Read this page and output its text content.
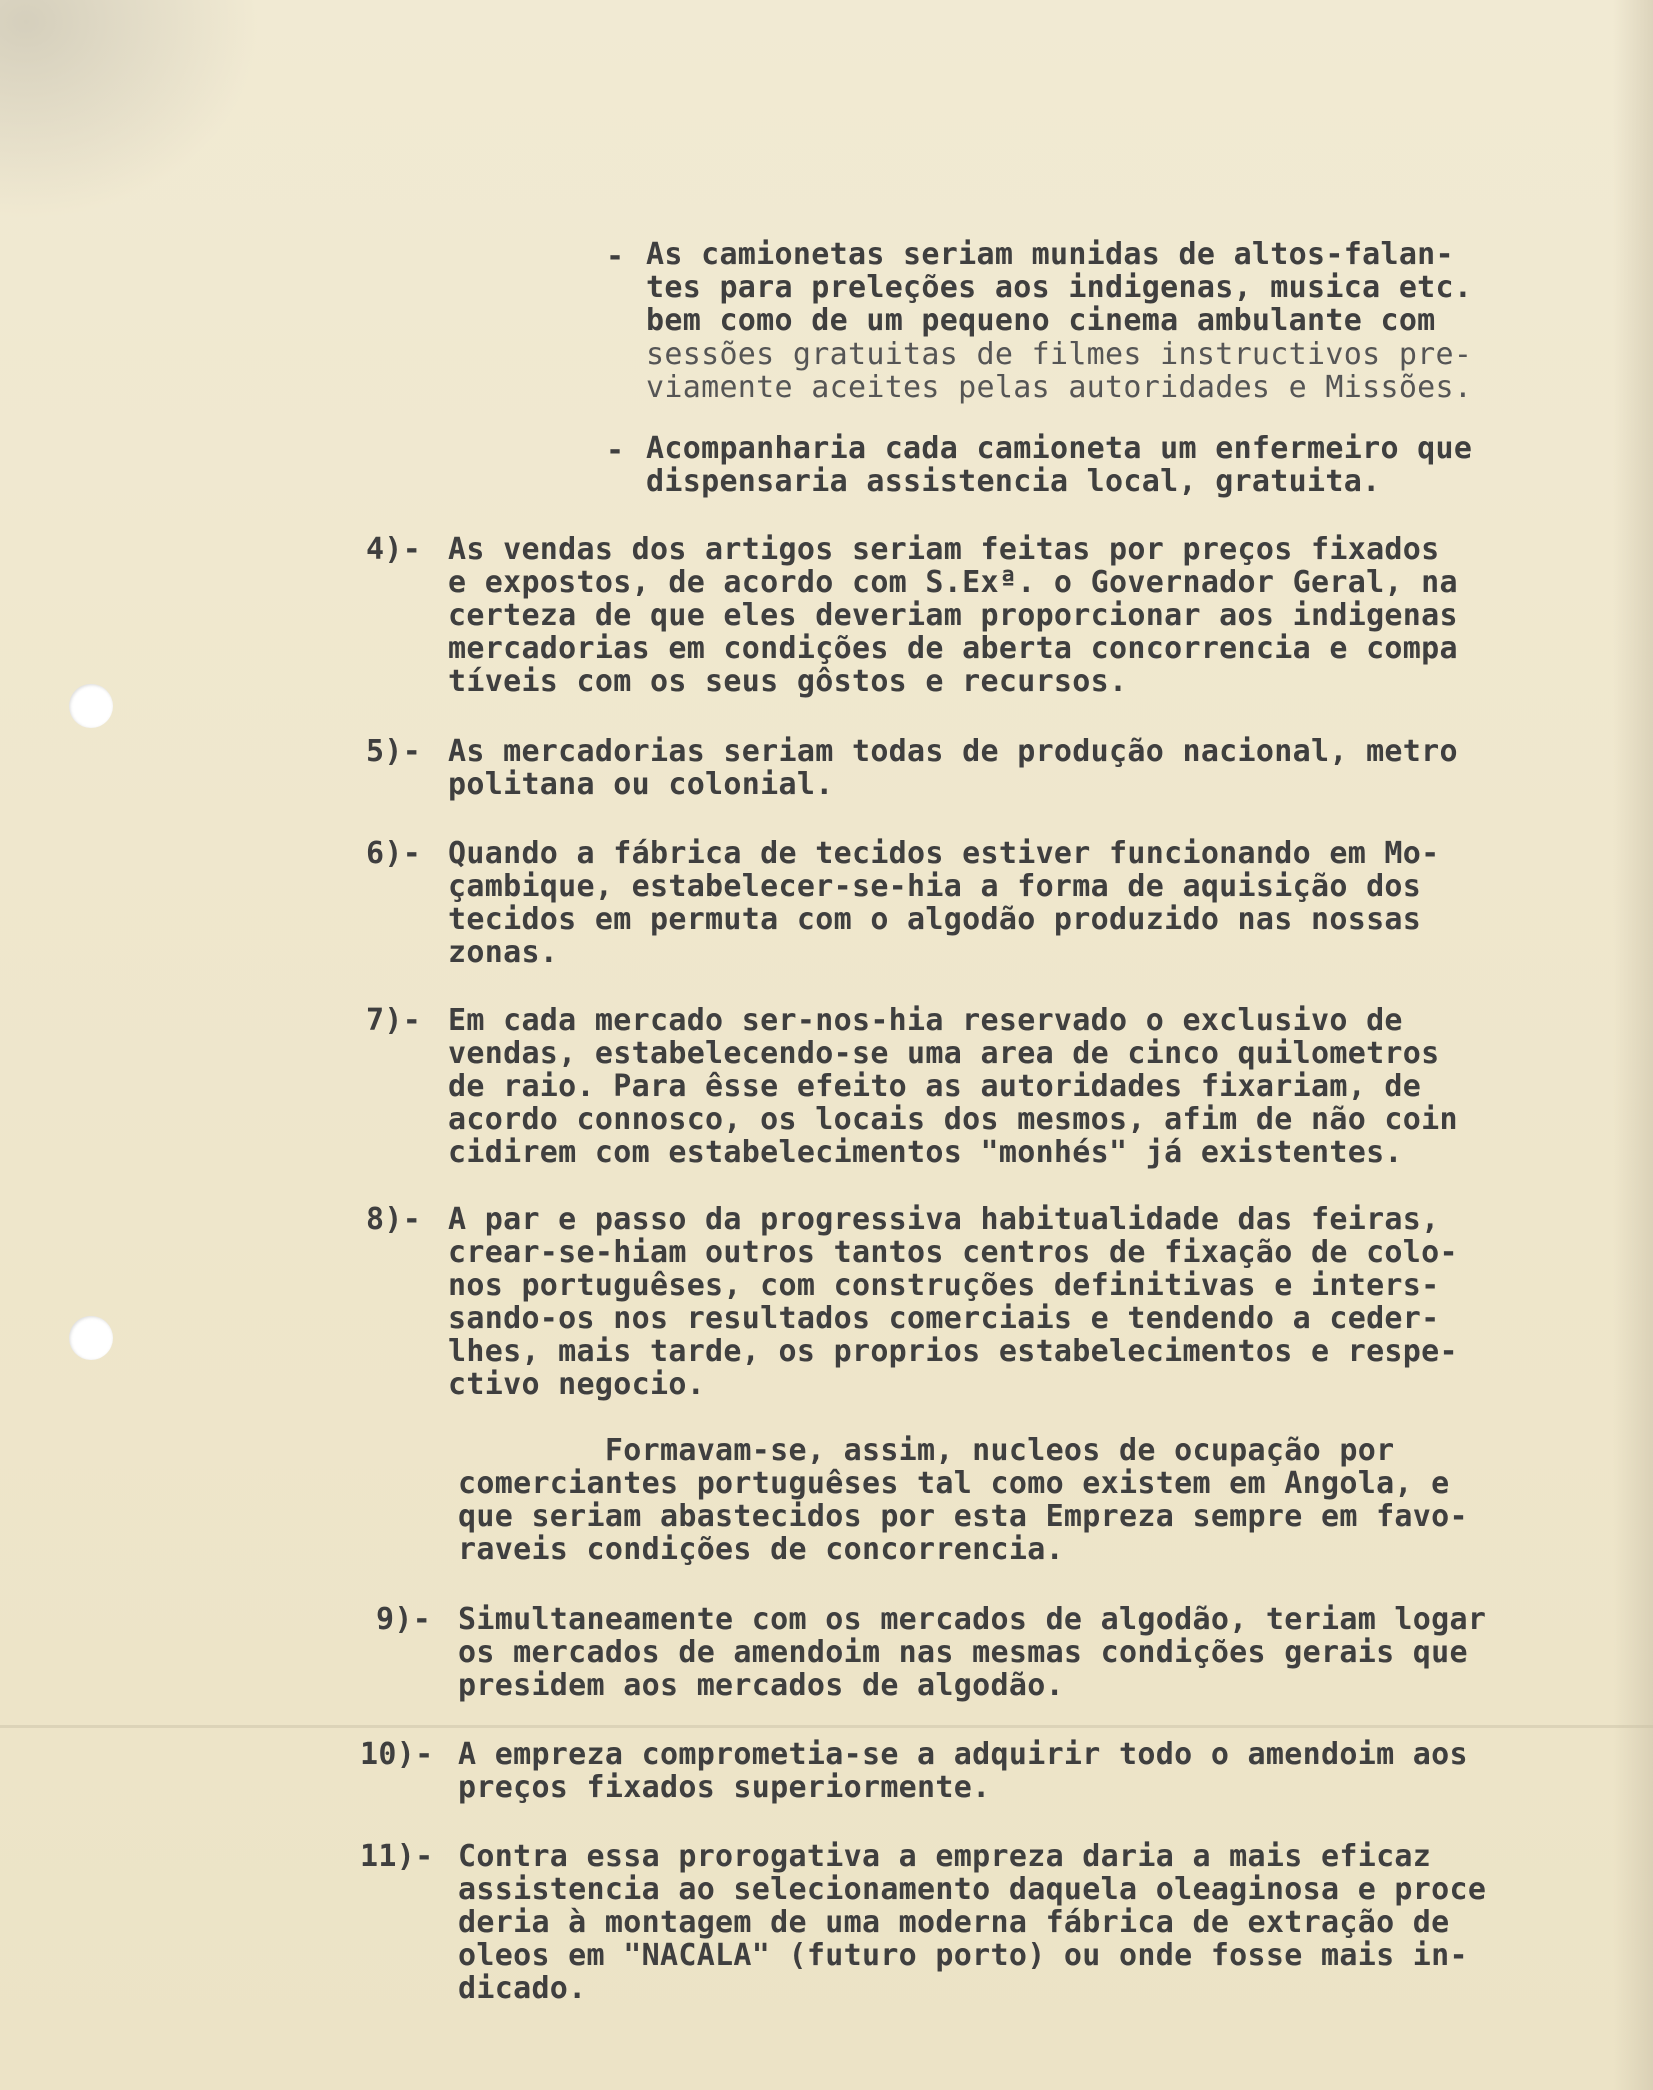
-

As camionetas seriam munidas de altos-falan-

tes para preleções aos indigenas, musica etc.

bem como de um pequeno cinema ambulante com

sessões gratuitas de filmes instructivos pre-

viamente aceites pelas autoridades e Missões.

-

Acompanharia cada camioneta um enfermeiro que

dispensaria assistencia local, gratuita.

4)-

As vendas dos artigos seriam feitas por preços fixados

e expostos, de acordo com S.Exª. o Governador Geral, na

certeza de que eles deveriam proporcionar aos indigenas

mercadorias em condições de aberta concorrencia e compa

tíveis com os seus gôstos e recursos.

5)-

As mercadorias seriam todas de produção nacional, metro

politana ou colonial.

6)-

Quando a fábrica de tecidos estiver funcionando em Mo-

çambique, estabelecer-se-hia a forma de aquisição dos

tecidos em permuta com o algodão produzido nas nossas

zonas.

7)-

Em cada mercado ser-nos-hia reservado o exclusivo de

vendas, estabelecendo-se uma area de cinco quilometros

de raio. Para êsse efeito as autoridades fixariam, de

acordo connosco, os locais dos mesmos, afim de não coin

cidirem com estabelecimentos "monhés" já existentes.

8)-

A par e passo da progressiva habitualidade das feiras,

crear-se-hiam outros tantos centros de fixação de colo-

nos portuguêses, com construções definitivas e inters-

sando-os nos resultados comerciais e tendendo a ceder-

lhes, mais tarde, os proprios estabelecimentos e respe-

ctivo negocio.

Formavam-se, assim, nucleos de ocupação por

comerciantes portuguêses tal como existem em Angola, e

que seriam abastecidos por esta Empreza sempre em favo-

raveis condições de concorrencia.

9)-

Simultaneamente com os mercados de algodão, teriam logar

os mercados de amendoim nas mesmas condições gerais que

presidem aos mercados de algodão.

10)-

A empreza comprometia-se a adquirir todo o amendoim aos

preços fixados superiormente.

11)-

Contra essa prorogativa a empreza daria a mais eficaz

assistencia ao selecionamento daquela oleaginosa e proce

deria à montagem de uma moderna fábrica de extração de

oleos em "NACALA" (futuro porto) ou onde fosse mais in-

dicado.
